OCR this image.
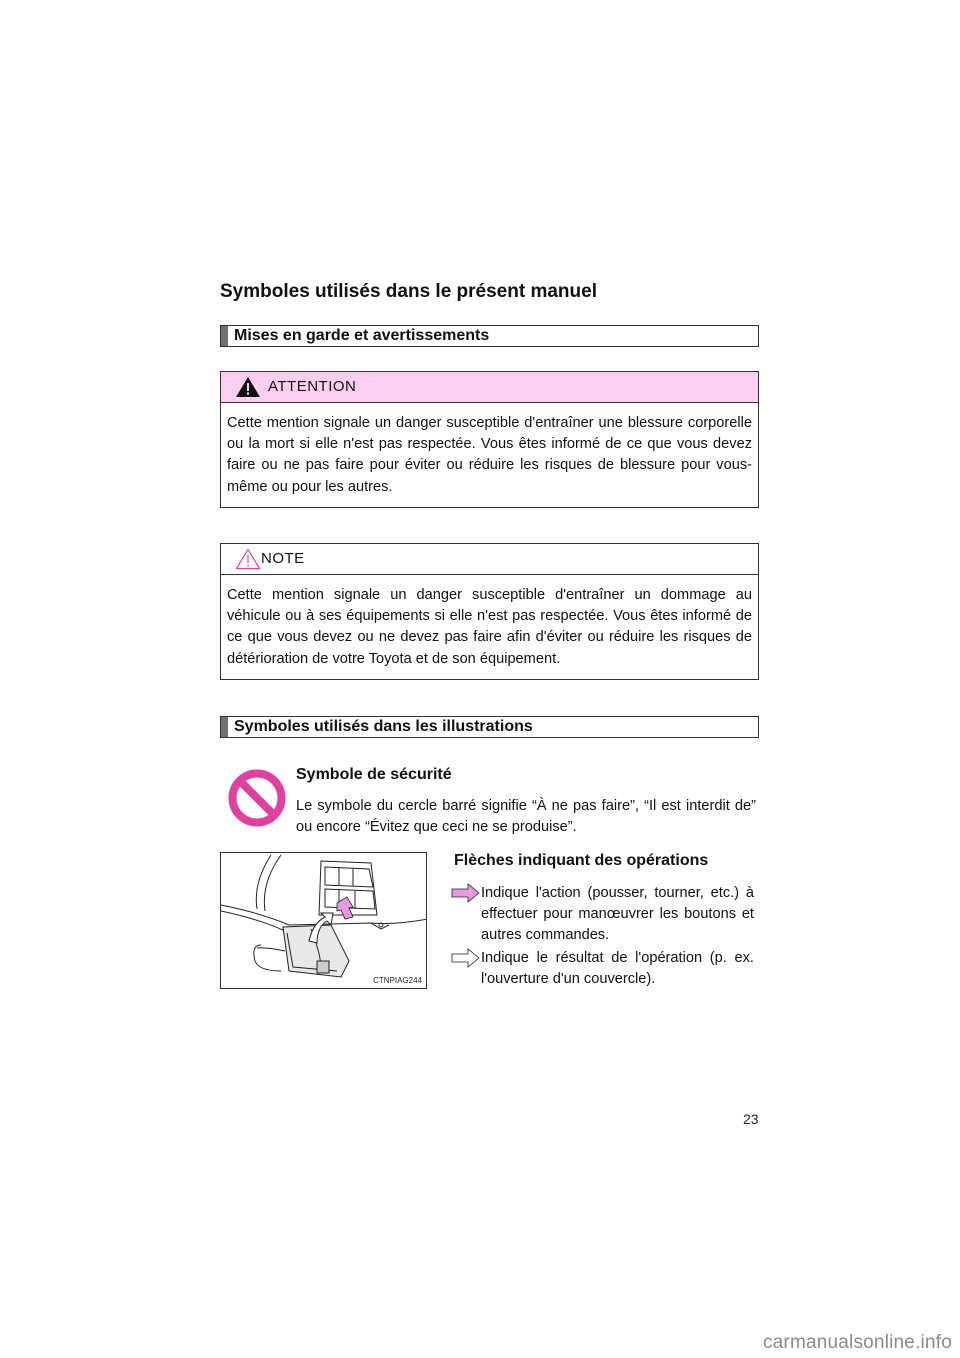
Symboles utilisés dans le présent manuel
Mises en garde et avertissements
ATTENTION
Cette mention signale un danger susceptible d'entraîner une blessure corporelle ou la mort si elle n'est pas respectée. Vous êtes informé de ce que vous devez faire ou ne pas faire pour éviter ou réduire les risques de blessure pour vous-même ou pour les autres.
NOTE
Cette mention signale un danger susceptible d'entraîner un dommage au véhicule ou à ses équipements si elle n'est pas respectée. Vous êtes informé de ce que vous devez ou ne devez pas faire afin d'éviter ou réduire les risques de détérioration de votre Toyota et de son équipement.
Symboles utilisés dans les illustrations
Symbole de sécurité
Le symbole du cercle barré signifie “À ne pas faire”, “Il est interdit de” ou encore “Évitez que ceci ne se produise”.
CTNPIAG244
Flèches indiquant des opérations
Indique l'action (pousser, tourner, etc.) à effectuer pour manœuvrer les boutons et autres commandes.
Indique le résultat de l'opération (p. ex. l'ouverture d'un couvercle).
23
carmanualsonline.info
